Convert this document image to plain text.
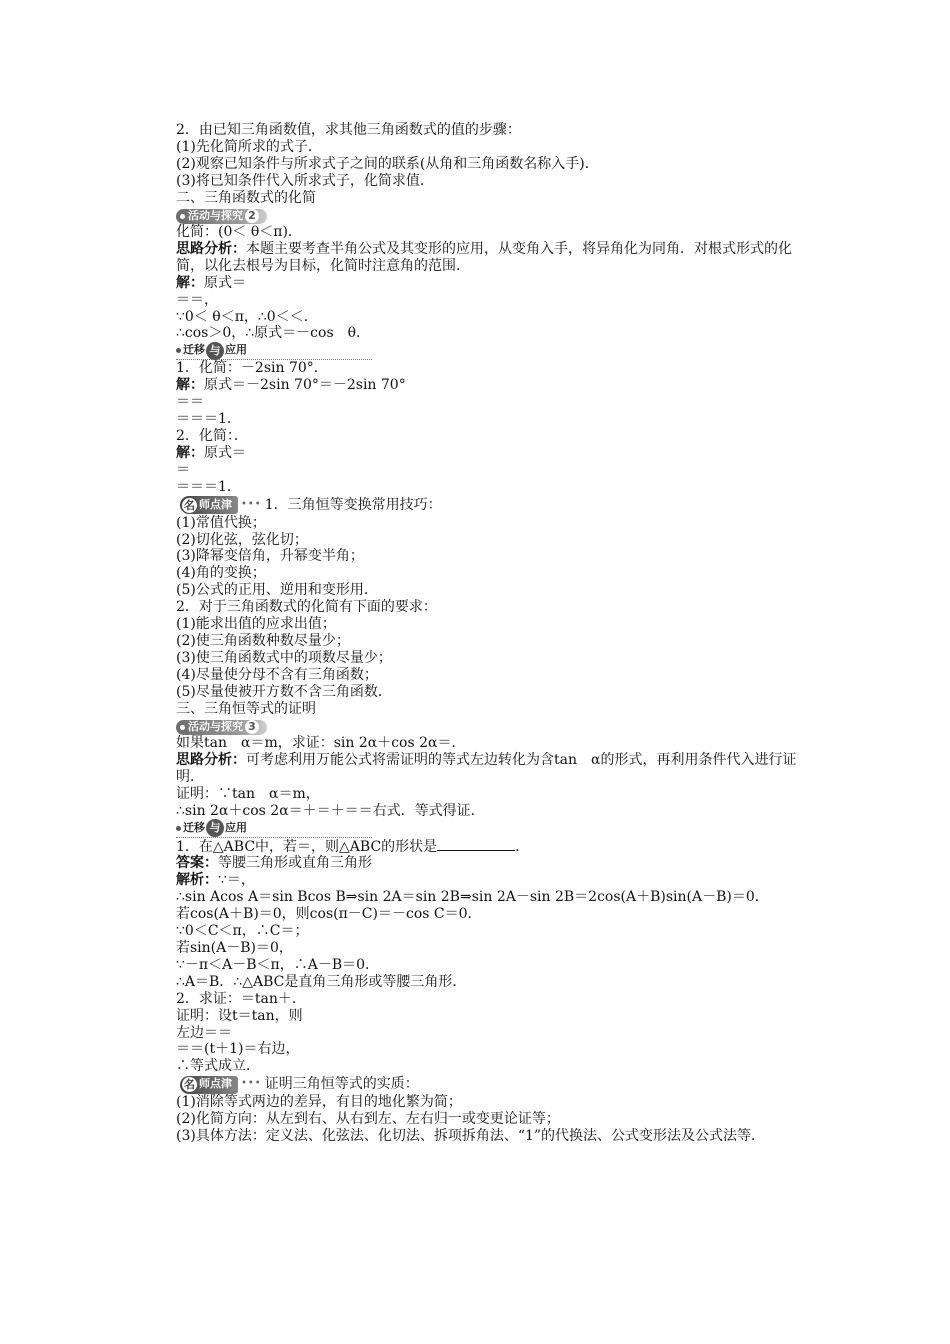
2．由已知三角函数值，求其他三角函数式的值的步骤：
(1)先化简所求的式子．
(2)观察已知条件与所求式子之间的联系(从角和三角函数名称入手)．
(3)将已知条件代入所求式子，化简求值．
二、三角函数式的化简
活动与探究 2
化简：(0＜ θ＜π)．
思路分析：本题主要考查半角公式及其变形的应用，从变角入手，将异角化为同角．对根式形式的化简，以化去根号为目标，化简时注意角的范围．
解：原式＝
＝＝，
∵0＜ θ＜π，∴0＜＜．
∴cos＞0，∴原式＝－cos　θ．
迁移 与 应用
1．化简：－2sin 70°．
解：原式＝－2sin 70°＝－2sin 70°
＝＝
＝＝＝1．
2．化简：．
解：原式＝
＝
＝＝＝1．
名 师点津 ••• 1．三角恒等变换常用技巧：
(1)常值代换；
(2)切化弦，弦化切；
(3)降幂变倍角，升幂变半角；
(4)角的变换；
(5)公式的正用、逆用和变形用．
2．对于三角函数式的化简有下面的要求：
(1)能求出值的应求出值；
(2)使三角函数种数尽量少；
(3)使三角函数式中的项数尽量少；
(4)尽量使分母不含有三角函数；
(5)尽量使被开方数不含三角函数．
三、三角恒等式的证明
活动与探究 3
如果tan　α＝m，求证：sin 2α＋cos 2α＝．
思路分析：可考虑利用万能公式将需证明的等式左边转化为含tan　α的形式，再利用条件代入进行证明．
证明：∵tan　α＝m，
∴sin 2α＋cos 2α＝＋＝＋＝＝右式．等式得证．
迁移 与 应用
1．在△ABC中，若＝，则△ABC的形状是	．
答案：等腰三角形或直角三角形
解析：∵＝，
∴sin Acos A＝sin Bcos B⇒sin 2A＝sin 2B⇒sin 2A－sin 2B＝2cos(A＋B)sin(A－B)＝0．
若cos(A＋B)＝0，则cos(π－C)＝－cos C＝0．
∵0＜C＜π，∴C＝；
若sin(A－B)＝0，
∵－π＜A－B＜π，∴A－B＝0．
∴A＝B．∴△ABC是直角三角形或等腰三角形．
2．求证：＝tan＋．
证明：设t＝tan，则
左边＝＝
＝＝(t＋1)＝右边，
∴等式成立．
名 师点津 ••• 证明三角恒等式的实质：
(1)消除等式两边的差异，有目的地化繁为简；
(2)化简方向：从左到右、从右到左、左右归一或变更论证等；
(3)具体方法：定义法、化弦法、化切法、拆项拆角法、“1”的代换法、公式变形法及公式法等．
